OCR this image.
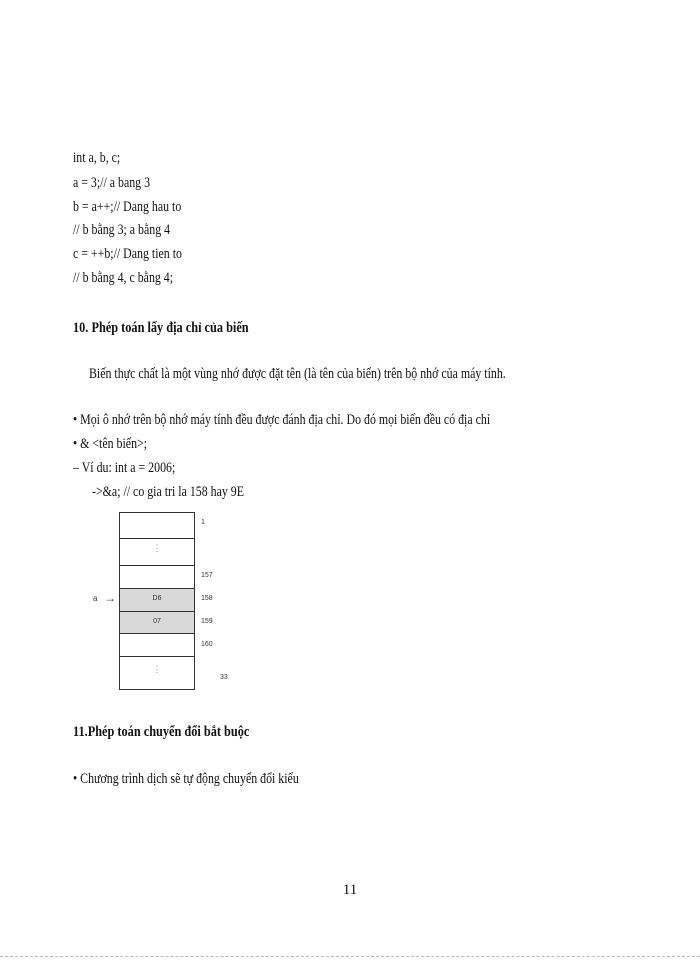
int a, b, c;
a = 3;// a bang 3
b = a++;// Dang hau to
// b bằng 3; a bằng 4
c = ++b;// Dang tien to
// b bằng 4, c bằng 4;
10. Phép toán lấy địa chỉ của biến
Biến thực chất là một vùng nhớ được đặt tên (là tên của biến) trên bộ nhớ của máy tính.
• Mọi ô nhớ trên bộ nhớ máy tính đều được đánh địa chỉ. Do đó mọi biến đều có địa chỉ
• & <tên biến>;
– Ví du: int a = 2006;
->&a; // co gia tri la 158 hay 9E
⋮
D6
07
⋮
a →
1
157
158
159
160
33
11.Phép toán chuyển đổi bắt buộc
• Chương trình dịch sẽ tự động chuyển đổi kiểu
11
